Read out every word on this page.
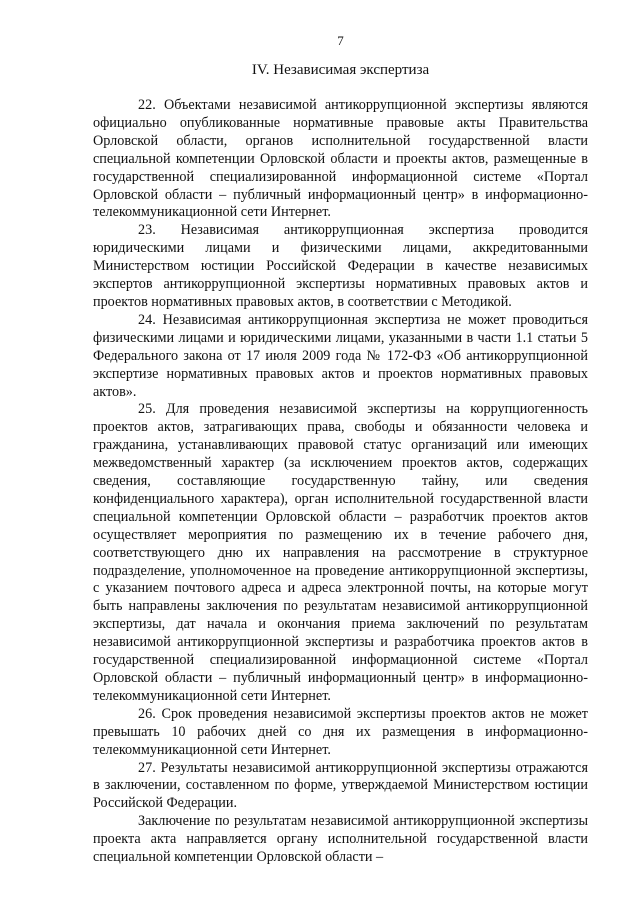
7
IV. Независимая экспертиза

22. Объектами независимой антикоррупционной экспертизы являются официально опубликованные нормативные правовые акты Правительства Орловской области, органов исполнительной государственной власти специальной компетенции Орловской области и проекты актов, размещенные в государственной специализированной информационной системе «Портал Орловской области – публичный информационный центр» в информационно-телекоммуникационной сети Интернет.

23. Независимая антикоррупционная экспертиза проводится юридическими лицами и физическими лицами, аккредитованными Министерством юстиции Российской Федерации в качестве независимых экспертов антикоррупционной экспертизы нормативных правовых актов и проектов нормативных правовых актов, в соответствии с Методикой.

24. Независимая антикоррупционная экспертиза не может проводиться физическими лицами и юридическими лицами, указанными в части 1.1 статьи 5 Федерального закона от 17 июля 2009 года № 172-ФЗ «Об антикоррупционной экспертизе нормативных правовых актов и проектов нормативных правовых актов».

25. Для проведения независимой экспертизы на коррупциогенность проектов актов, затрагивающих права, свободы и обязанности человека и гражданина, устанавливающих правовой статус организаций или имеющих межведомственный характер (за исключением проектов актов, содержащих сведения, составляющие государственную тайну, или сведения конфиденциального характера), орган исполнительной государственной власти специальной компетенции Орловской области – разработчик проектов актов осуществляет мероприятия по размещению их в течение рабочего дня, соответствующего дню их направления на рассмотрение в структурное подразделение, уполномоченное на проведение антикоррупционной экспертизы, с указанием почтового адреса и адреса электронной почты, на которые могут быть направлены заключения по результатам независимой антикоррупционной экспертизы, дат начала и окончания приема заключений по результатам независимой антикоррупционной экспертизы и разработчика проектов актов в государственной специализированной информационной системе «Портал Орловской области – публичный информационный центр» в информационно-телекоммуникационной сети Интернет.

26. Срок проведения независимой экспертизы проектов актов не может превышать 10 рабочих дней со дня их размещения в информационно-телекоммуникационной сети Интернет.

27. Результаты независимой антикоррупционной экспертизы отражаются в заключении, составленном по форме, утверждаемой Министерством юстиции Российской Федерации.

Заключение по результатам независимой антикоррупционной экспертизы проекта акта направляется органу исполнительной государственной власти специальной компетенции Орловской области –
